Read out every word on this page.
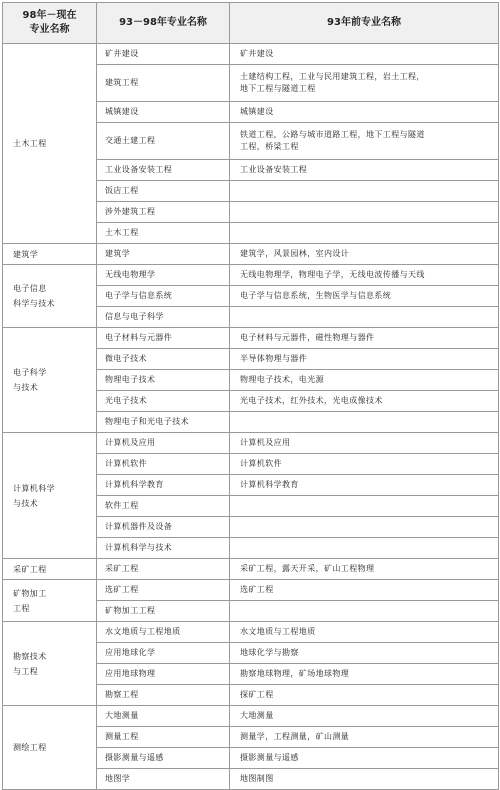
98年－现在
专业名称	93－98年专业名称	93年前专业名称

土木工程	矿井建设	矿井建设
	建筑工程	土建结构工程，工业与民用建筑工程，岩土工程，
地下工程与隧道工程

	城镇建设	城镇建设
	交通土建工程	铁道工程，公路与城市道路工程，地下工程与隧道
工程，桥梁工程

	工业设备安装工程	工业设备安装工程
	饭店工程	
	涉外建筑工程	
	土木工程	

建筑学	建筑学	建筑学，风景园林，室内设计

电子信息
科学与技术	无线电物理学	无线电物理学，物理电子学，无线电波传播与天线
	电子学与信息系统	电子学与信息系统，生物医学与信息系统
	信息与电子科学	

电子科学
与技术	电子材料与元器件	电子材料与元器件，磁性物理与器件
	微电子技术	半导体物理与器件
	物理电子技术	物理电子技术，电光源
	光电子技术	光电子技术，红外技术，光电成像技术
	物理电子和光电子技术	

计算机科学
与技术	计算机及应用	计算机及应用
	计算机软件	计算机软件
	计算机科学教育	计算机科学教育
	软件工程	
	计算机器件及设备	
	计算机科学与技术	

采矿工程	采矿工程	采矿工程，露天开采，矿山工程物理

矿物加工
工程	选矿工程	选矿工程
	矿物加工工程	

勘察技术
与工程	水文地质与工程地质	水文地质与工程地质
	应用地球化学	地球化学与勘察
	应用地球物理	勘察地球物理，矿场地球物理
	勘察工程	探矿工程

测绘工程	大地测量	大地测量
	测量工程	测量学，工程测量，矿山测量
	摄影测量与遥感	摄影测量与遥感
	地图学	地图制图
